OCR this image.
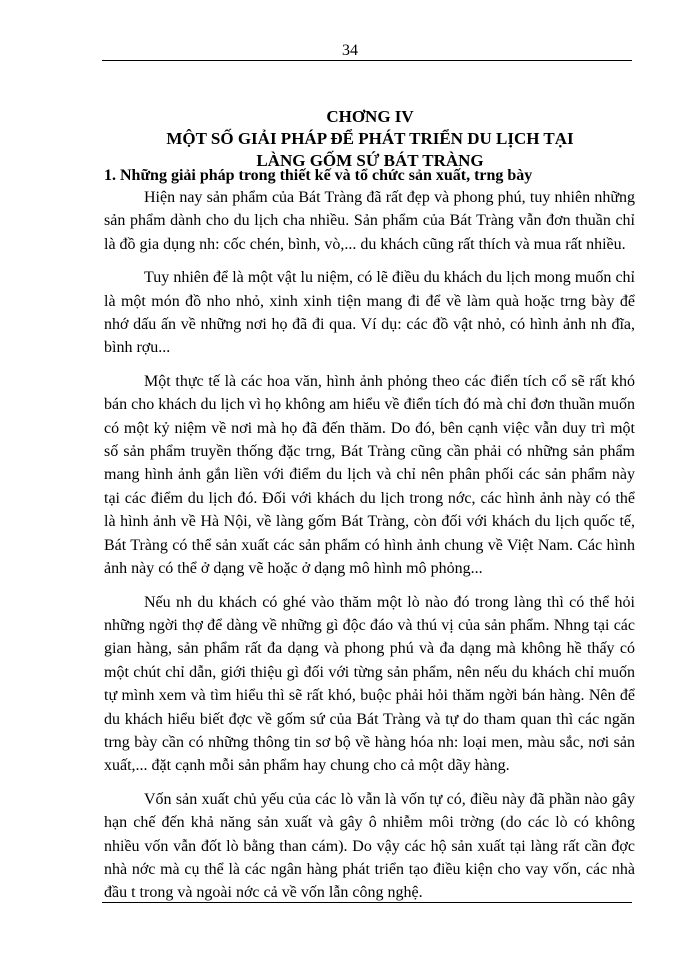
34
CHƠNG IV
MỘT SỐ GIẢI PHÁP ĐỂ PHÁT TRIỂN DU LỊCH TẠI
LÀNG GỐM SỨ BÁT TRÀNG
1. Những giải pháp trong thiết kế và tổ chức sản xuất, trng bày

Hiện nay sản phẩm của Bát Tràng đã rất đẹp và phong phú, tuy nhiên những sản phẩm dành cho du lịch cha nhiều. Sản phẩm của Bát Tràng vẫn đơn thuần chỉ là đồ gia dụng nh: cốc chén, bình, vò,... du khách cũng rất thích và mua rất nhiều.

Tuy nhiên để là một vật lu niệm, có lẽ điều du khách du lịch mong muốn chỉ là một món đồ nho nhỏ, xinh xinh tiện mang đi để về làm quà hoặc trng bày để nhớ dấu ấn về những nơi họ đã đi qua. Ví dụ: các đồ vật nhỏ, có hình ảnh nh đĩa, bình rợu...

Một thực tế là các hoa văn, hình ảnh phỏng theo các điển tích cổ sẽ rất khó bán cho khách du lịch vì họ không am hiểu về điển tích đó mà chỉ đơn thuần muốn có một kỷ niệm về nơi mà họ đã đến thăm. Do đó, bên cạnh việc vẫn duy trì một số sản phẩm truyền thống đặc trng, Bát Tràng cũng cần phải có những sản phẩm mang hình ảnh gắn liền với điểm du lịch và chỉ nên phân phối các sản phẩm này tại các điểm du lịch đó. Đối với khách du lịch trong nớc, các hình ảnh này có thể là hình ảnh về Hà Nội, về làng gốm Bát Tràng, còn đối với khách du lịch quốc tế, Bát Tràng có thể sản xuất các sản phẩm có hình ảnh chung về Việt Nam. Các hình ảnh này có thể ở dạng vẽ hoặc ở dạng mô hình mô phỏng...

Nếu nh du khách có ghé vào thăm một lò nào đó trong làng thì có thể hỏi những ngời thợ để dàng về những gì độc đáo và thú vị của sản phẩm. Nhng tại các gian hàng, sản phẩm rất đa dạng và phong phú và đa dạng mà không hề thấy có một chút chỉ dẫn, giới thiệu gì đối với từng sản phẩm, nên nếu du khách chỉ muốn tự mình xem và tìm hiểu thì sẽ rất khó, buộc phải hỏi thăm ngời bán hàng. Nên để du khách hiểu biết đợc về gốm sứ của Bát Tràng và tự do tham quan thì các ngăn trng bày cần có những thông tin sơ bộ về hàng hóa nh: loại men, màu sắc, nơi sản xuất,... đặt cạnh mỗi sản phẩm hay chung cho cả một dãy hàng.

Vốn sản xuất chủ yếu của các lò vẫn là vốn tự có, điều này đã phần nào gây hạn chế đến khả năng sản xuất và gây ô nhiễm môi trờng (do các lò có không nhiều vốn vẫn đốt lò bằng than cám). Do vậy các hộ sản xuất tại làng rất cần đợc nhà nớc mà cụ thể là các ngân hàng phát triển tạo điều kiện cho vay vốn, các nhà đầu t trong và ngoài nớc cả về vốn lẫn công nghệ.
